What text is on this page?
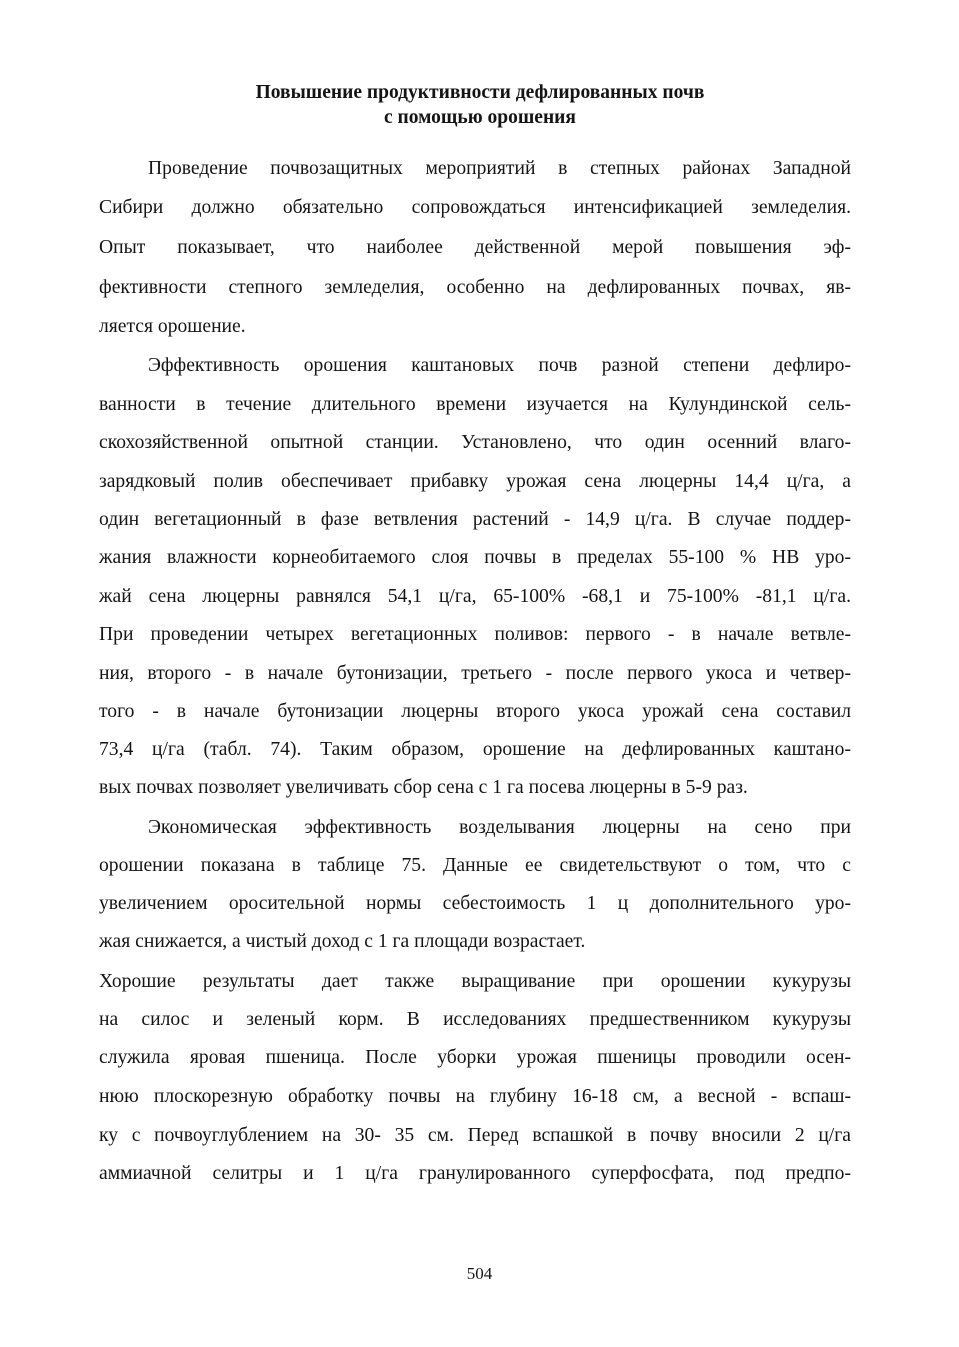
Повышение продуктивности дефлированных почв
с помощью орошения
Проведение почвозащитных мероприятий в степных районах Западной
Сибири должно обязательно сопровождаться интенсификацией земледелия.
Опыт показывает, что наиболее действенной мерой повышения эф-
фективности степного земледелия, особенно на дефлированных почвах, яв-
ляется орошение.
Эффективность орошения каштановых почв разной степени дефлиро-
ванности в течение длительного времени изучается на Кулундинской сель-
скохозяйственной опытной станции. Установлено, что один осенний влаго-
зарядковый полив обеспечивает прибавку урожая сена люцерны 14,4 ц/га, а
один вегетационный в фазе ветвления растений - 14,9 ц/га. В случае поддер-
жания влажности корнеобитаемого слоя почвы в пределах 55-100 % НВ уро-
жай сена люцерны равнялся 54,1 ц/га, 65-100% -68,1 и 75-100% -81,1 ц/га.
При проведении четырех вегетационных поливов: первого - в начале ветвле-
ния, второго - в начале бутонизации, третьего - после первого укоса и четвер-
того - в начале бутонизации люцерны второго укоса урожай сена составил
73,4 ц/га (табл. 74). Таким образом, орошение на дефлированных каштано-
вых почвах позволяет увеличивать сбор сена с 1 га посева люцерны в 5-9 раз.
Экономическая эффективность возделывания люцерны на сено при
орошении показана в таблице 75. Данные ее свидетельствуют о том, что с
увеличением оросительной нормы себестоимость 1 ц дополнительного уро-
жая снижается, а чистый доход с 1 га площади возрастает.
Хорошие результаты дает также выращивание при орошении кукурузы
на силос и зеленый корм. В исследованиях предшественником кукурузы
служила яровая пшеница. После уборки урожая пшеницы проводили осен-
нюю плоскорезную обработку почвы на глубину 16-18 см, а весной - вспаш-
ку с почвоуглублением на 30- 35 см. Перед вспашкой в почву вносили 2 ц/га
аммиачной селитры и 1 ц/га гранулированного суперфосфата, под предпо-
504
